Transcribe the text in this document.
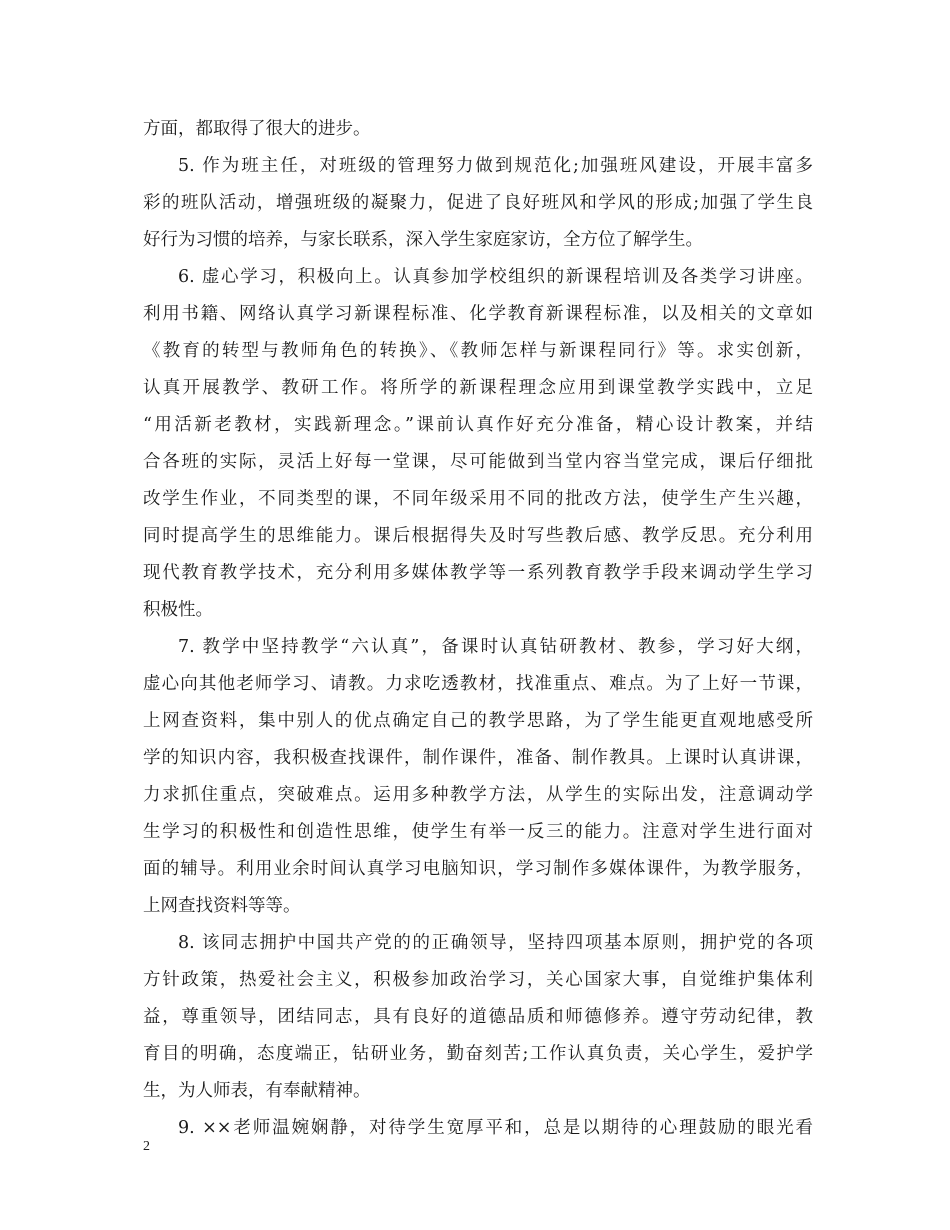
方面，都取得了很大的进步。
5. 作为班主任，对班级的管理努力做到规范化;加强班风建设，开展丰富多
彩的班队活动，增强班级的凝聚力，促进了良好班风和学风的形成;加强了学生良
好行为习惯的培养，与家长联系，深入学生家庭家访，全方位了解学生。
6. 虚心学习，积极向上。认真参加学校组织的新课程培训及各类学习讲座。
利用书籍、网络认真学习新课程标准、化学教育新课程标准，以及相关的文章如
《教育的转型与教师角色的转换》、《教师怎样与新课程同行》等。求实创新，
认真开展教学、教研工作。将所学的新课程理念应用到课堂教学实践中，立足
“用活新老教材，实践新理念。”课前认真作好充分准备，精心设计教案，并结
合各班的实际，灵活上好每一堂课，尽可能做到当堂内容当堂完成，课后仔细批
改学生作业，不同类型的课，不同年级采用不同的批改方法，使学生产生兴趣，
同时提高学生的思维能力。课后根据得失及时写些教后感、教学反思。充分利用
现代教育教学技术，充分利用多媒体教学等一系列教育教学手段来调动学生学习
积极性。
7. 教学中坚持教学“六认真”，备课时认真钻研教材、教参，学习好大纲，
虚心向其他老师学习、请教。力求吃透教材，找准重点、难点。为了上好一节课，
上网查资料，集中别人的优点确定自己的教学思路，为了学生能更直观地感受所
学的知识内容，我积极查找课件，制作课件，准备、制作教具。上课时认真讲课，
力求抓住重点，突破难点。运用多种教学方法，从学生的实际出发，注意调动学
生学习的积极性和创造性思维，使学生有举一反三的能力。注意对学生进行面对
面的辅导。利用业余时间认真学习电脑知识，学习制作多媒体课件，为教学服务，
上网查找资料等等。
8. 该同志拥护中国共产党的的正确领导，坚持四项基本原则，拥护党的各项
方针政策，热爱社会主义，积极参加政治学习，关心国家大事，自觉维护集体利
益，尊重领导，团结同志，具有良好的道德品质和师德修养。遵守劳动纪律，教
育目的明确，态度端正，钻研业务，勤奋刻苦;工作认真负责，关心学生，爱护学
生，为人师表，有奉献精神。
9. ××老师温婉娴静，对待学生宽厚平和，总是以期待的心理鼓励的眼光看
2
